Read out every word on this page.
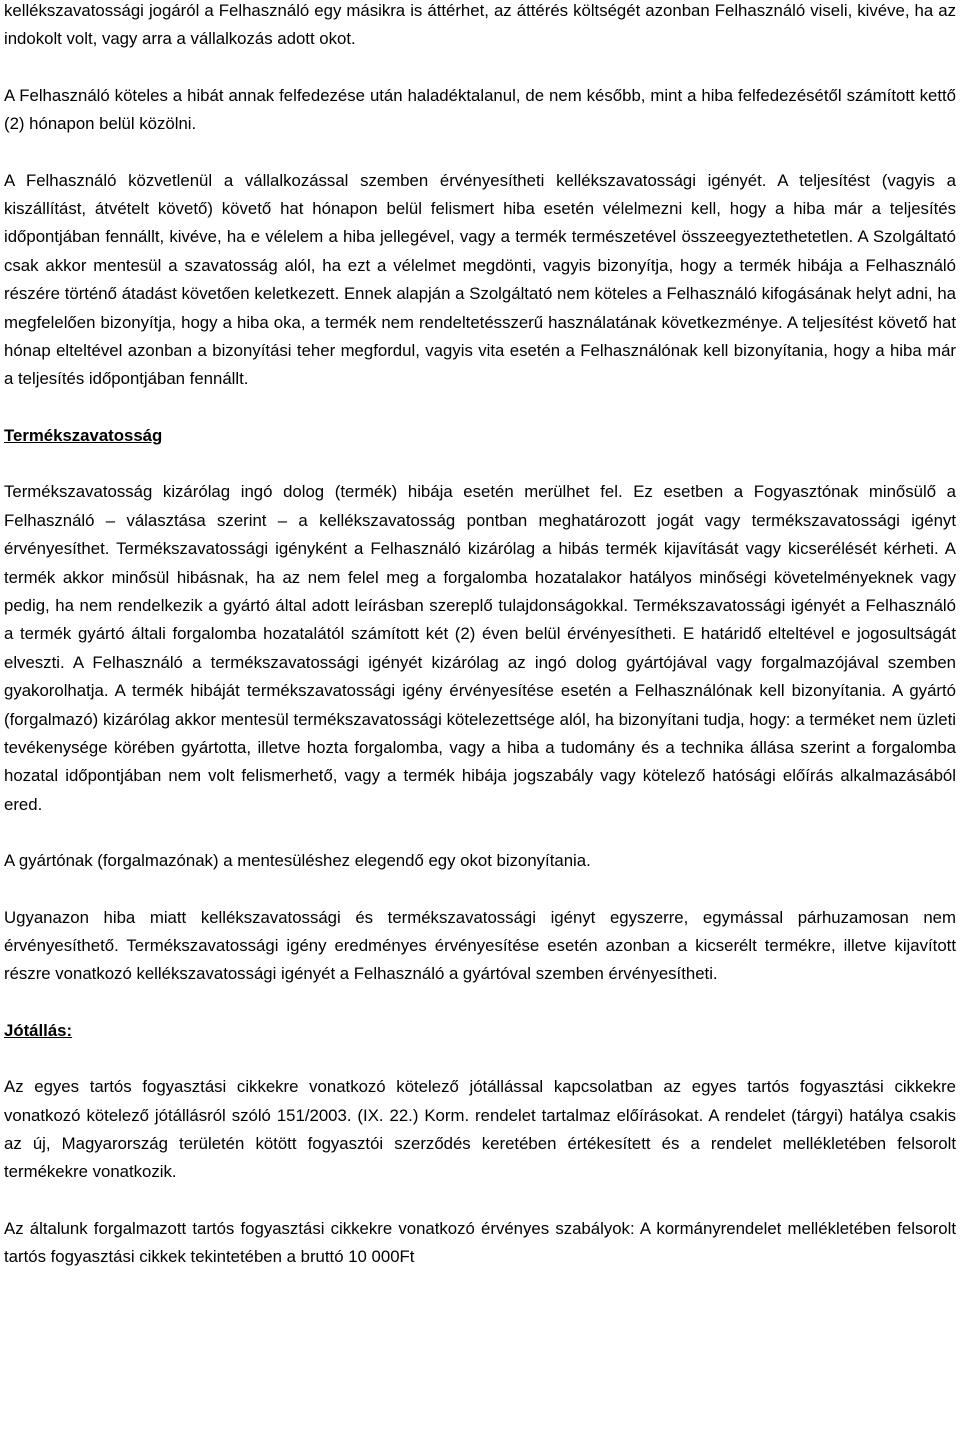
kellékszavatossági jogáról a Felhasználó egy másikra is áttérhet, az áttérés költségét azonban Felhasználó viseli, kivéve, ha az indokolt volt, vagy arra a vállalkozás adott okot.

A Felhasználó köteles a hibát annak felfedezése után haladéktalanul, de nem később, mint a hiba felfedezésétől számított kettő (2) hónapon belül közölni.

A Felhasználó közvetlenül a vállalkozással szemben érvényesítheti kellékszavatossági igényét. A teljesítést (vagyis a kiszállítást, átvételt követő) követő hat hónapon belül felismert hiba esetén vélelmezni kell, hogy a hiba már a teljesítés időpontjában fennállt, kivéve, ha e vélelem a hiba jellegével, vagy a termék természetével összeegyeztethetetlen. A Szolgáltató csak akkor mentesül a szavatosság alól, ha ezt a vélelmet megdönti, vagyis bizonyítja, hogy a termék hibája a Felhasználó részére történő átadást követően keletkezett. Ennek alapján a Szolgáltató nem köteles a Felhasználó kifogásának helyt adni, ha megfelelően bizonyítja, hogy a hiba oka, a termék nem rendeltetésszerű használatának következménye. A teljesítést követő hat hónap elteltével azonban a bizonyítási teher megfordul, vagyis vita esetén a Felhasználónak kell bizonyítania, hogy a hiba már a teljesítés időpontjában fennállt.

Termékszavatosság

Termékszavatosság kizárólag ingó dolog (termék) hibája esetén merülhet fel. Ez esetben a Fogyasztónak minősülő a Felhasználó – választása szerint – a kellékszavatosság pontban meghatározott jogát vagy termékszavatossági igényt érvényesíthet. Termékszavatossági igényként a Felhasználó kizárólag a hibás termék kijavítását vagy kicserélését kérheti. A termék akkor minősül hibásnak, ha az nem felel meg a forgalomba hozatalakor hatályos minőségi követelményeknek vagy pedig, ha nem rendelkezik a gyártó által adott leírásban szereplő tulajdonságokkal. Termékszavatossági igényét a Felhasználó a termék gyártó általi forgalomba hozatalától számított két (2) éven belül érvényesítheti. E határidő elteltével e jogosultságát elveszti. A Felhasználó a termékszavatossági igényét kizárólag az ingó dolog gyártójával vagy forgalmazójával szemben gyakorolhatja. A termék hibáját termékszavatossági igény érvényesítése esetén a Felhasználónak kell bizonyítania. A gyártó (forgalmazó) kizárólag akkor mentesül termékszavatossági kötelezettsége alól, ha bizonyítani tudja, hogy: a terméket nem üzleti tevékenysége körében gyártotta, illetve hozta forgalomba, vagy a hiba a tudomány és a technika állása szerint a forgalomba hozatal időpontjában nem volt felismerhető, vagy a termék hibája jogszabály vagy kötelező hatósági előírás alkalmazásából ered.

A gyártónak (forgalmazónak) a mentesüléshez elegendő egy okot bizonyítania.

Ugyanazon hiba miatt kellékszavatossági és termékszavatossági igényt egyszerre, egymással párhuzamosan nem érvényesíthető. Termékszavatossági igény eredményes érvényesítése esetén azonban a kicserélt termékre, illetve kijavított részre vonatkozó kellékszavatossági igényét a Felhasználó a gyártóval szemben érvényesítheti.

Jótállás:

Az egyes tartós fogyasztási cikkekre vonatkozó kötelező jótállással kapcsolatban az egyes tartós fogyasztási cikkekre vonatkozó kötelező jótállásról szóló 151/2003. (IX. 22.) Korm. rendelet tartalmaz előírásokat. A rendelet (tárgyi) hatálya csakis az új, Magyarország területén kötött fogyasztói szerződés keretében értékesített és a rendelet mellékletében felsorolt termékekre vonatkozik.

Az általunk forgalmazott tartós fogyasztási cikkekre vonatkozó érvényes szabályok: A kormányrendelet mellékletében felsorolt tartós fogyasztási cikkek tekintetében a bruttó 10 000Ft
